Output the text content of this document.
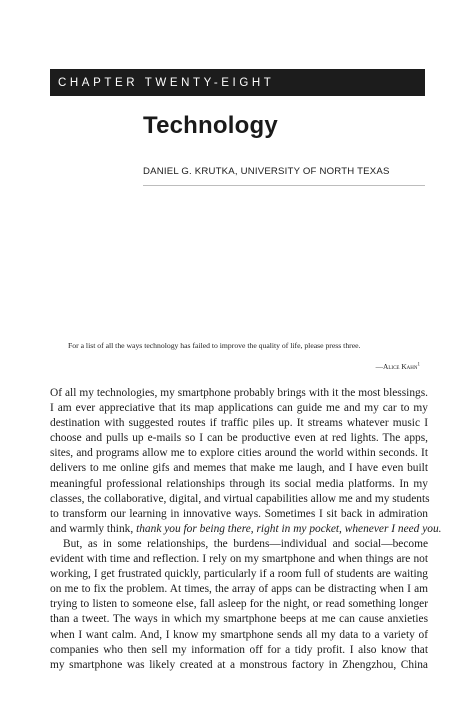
CHAPTER TWENTY-EIGHT
Technology
DANIEL G. KRUTKA, UNIVERSITY OF NORTH TEXAS
For a list of all the ways technology has failed to improve the quality of life, please press three.
—Alice Kahn$^1$

Of all my technologies, my smartphone probably brings with it the most blessings.
I am ever appreciative that its map applications can guide me and my car to my
destination with suggested routes if traffic piles up. It streams whatever music I
choose and pulls up e-mails so I can be productive even at red lights. The apps,
sites, and programs allow me to explore cities around the world within seconds. It
delivers to me online gifs and memes that make me laugh, and I have even built
meaningful professional relationships through its social media platforms. In my
classes, the collaborative, digital, and virtual capabilities allow me and my students
to transform our learning in innovative ways. Sometimes I sit back in admiration
and warmly think, thank you for being there, right in my pocket, whenever I need you.

But, as in some relationships, the burdens—individual and social—become
evident with time and reflection. I rely on my smartphone and when things are not
working, I get frustrated quickly, particularly if a room full of students are waiting
on me to fix the problem. At times, the array of apps can be distracting when I am
trying to listen to someone else, fall asleep for the night, or read something longer
than a tweet. The ways in which my smartphone beeps at me can cause anxieties
when I want calm. And, I know my smartphone sends all my data to a variety of
companies who then sell my information off for a tidy profit. I also know that
my smartphone was likely created at a monstrous factory in Zhengzhou, China
